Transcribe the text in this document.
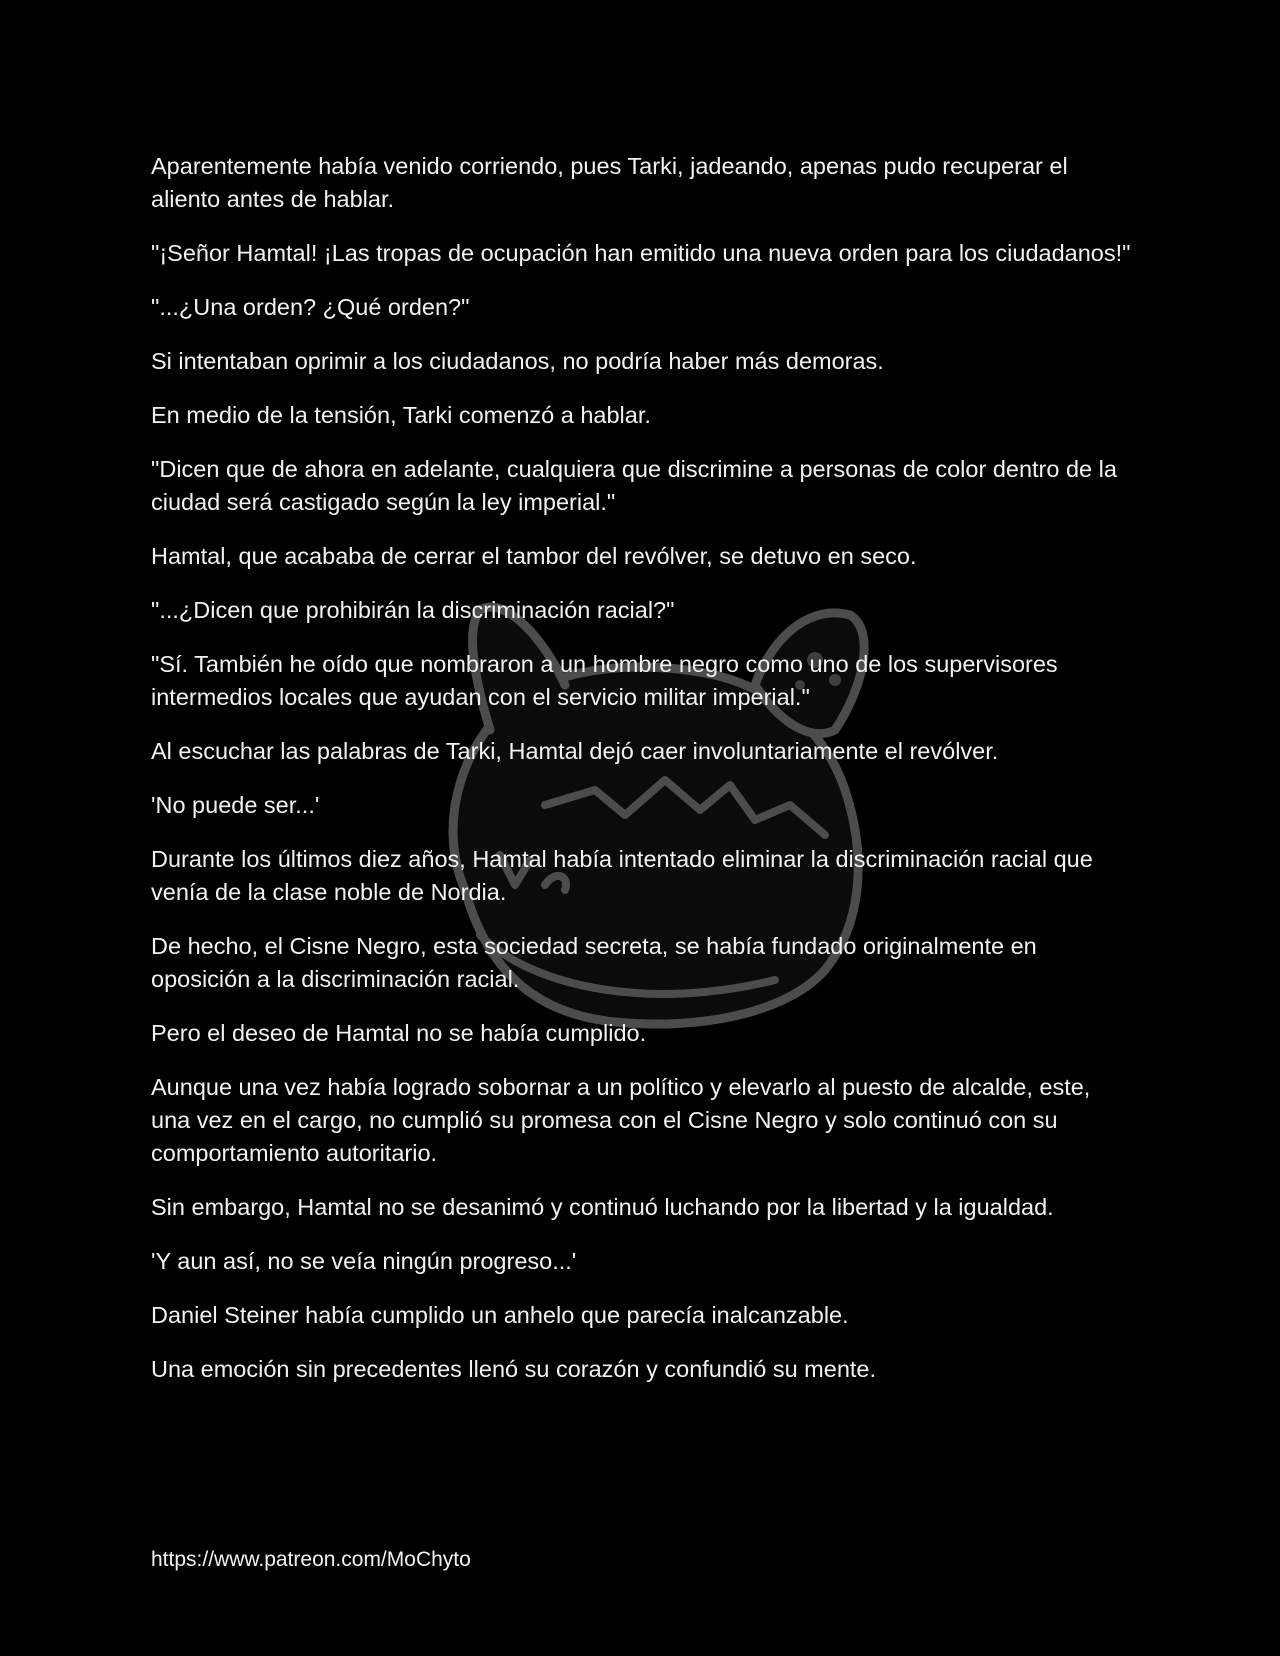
Aparentemente había venido corriendo, pues Tarki, jadeando, apenas pudo recuperar el aliento antes de hablar.

"¡Señor Hamtal! ¡Las tropas de ocupación han emitido una nueva orden para los ciudadanos!"

"...¿Una orden? ¿Qué orden?"

Si intentaban oprimir a los ciudadanos, no podría haber más demoras.

En medio de la tensión, Tarki comenzó a hablar.

"Dicen que de ahora en adelante, cualquiera que discrimine a personas de color dentro de la ciudad será castigado según la ley imperial."

Hamtal, que acababa de cerrar el tambor del revólver, se detuvo en seco.

"...¿Dicen que prohibirán la discriminación racial?"

"Sí. También he oído que nombraron a un hombre negro como uno de los supervisores intermedios locales que ayudan con el servicio militar imperial."

Al escuchar las palabras de Tarki, Hamtal dejó caer involuntariamente el revólver.

'No puede ser...'

Durante los últimos diez años, Hamtal había intentado eliminar la discriminación racial que venía de la clase noble de Nordia.

De hecho, el Cisne Negro, esta sociedad secreta, se había fundado originalmente en oposición a la discriminación racial.

Pero el deseo de Hamtal no se había cumplido.

Aunque una vez había logrado sobornar a un político y elevarlo al puesto de alcalde, este, una vez en el cargo, no cumplió su promesa con el Cisne Negro y solo continuó con su comportamiento autoritario.

Sin embargo, Hamtal no se desanimó y continuó luchando por la libertad y la igualdad.

'Y aun así, no se veía ningún progreso...'

Daniel Steiner había cumplido un anhelo que parecía inalcanzable.

Una emoción sin precedentes llenó su corazón y confundió su mente.

https://www.patreon.com/MoChyto
